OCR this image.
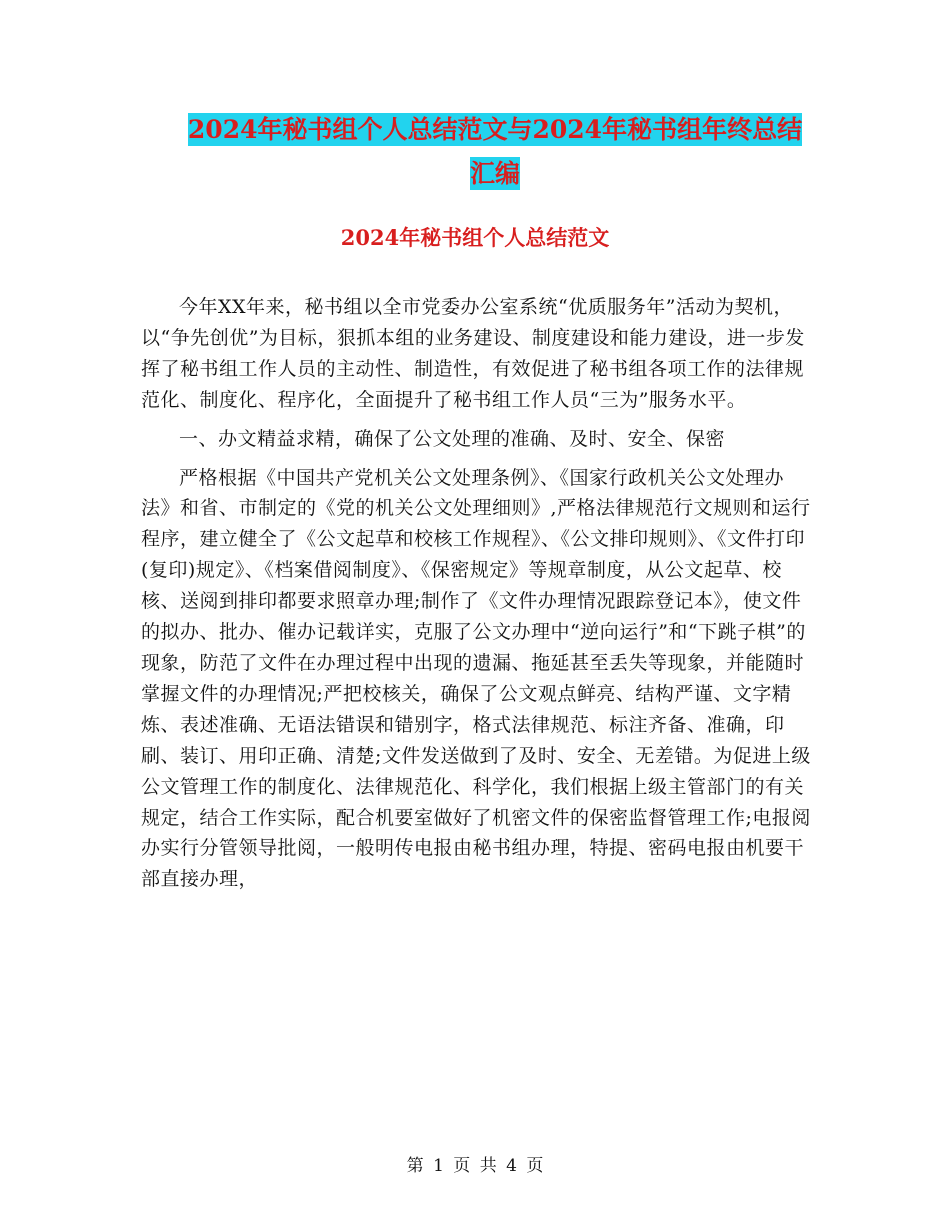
2024年秘书组个人总结范文与2024年秘书组年终总结
汇编
2024年秘书组个人总结范文

今年XX年来，秘书组以全市党委办公室系统“优质服务年”活动为契机，以“争先创优”为目标，狠抓本组的业务建设、制度建设和能力建设，进一步发挥了秘书组工作人员的主动性、制造性，有效促进了秘书组各项工作的法律规范化、制度化、程序化，全面提升了秘书组工作人员“三为”服务水平。

一、办文精益求精，确保了公文处理的准确、及时、安全、保密

严格根据《中国共产党机关公文处理条例》、《国家行政机关公文处理办法》和省、市制定的《党的机关公文处理细则》,严格法律规范行文规则和运行程序，建立健全了《公文起草和校核工作规程》、《公文排印规则》、《文件打印(复印)规定》、《档案借阅制度》、《保密规定》等规章制度，从公文起草、校核、送阅到排印都要求照章办理;制作了《文件办理情况跟踪登记本》，使文件的拟办、批办、催办记载详实，克服了公文办理中“逆向运行”和“下跳子棋”的现象，防范了文件在办理过程中出现的遗漏、拖延甚至丢失等现象，并能随时掌握文件的办理情况;严把校核关，确保了公文观点鲜亮、结构严谨、文字精炼、表述准确、无语法错误和错别字，格式法律规范、标注齐备、准确，印刷、装订、用印正确、清楚;文件发送做到了及时、安全、无差错。为促进上级公文管理工作的制度化、法律规范化、科学化，我们根据上级主管部门的有关规定，结合工作实际，配合机要室做好了机密文件的保密监督管理工作;电报阅办实行分管领导批阅，一般明传电报由秘书组办理，特提、密码电报由机要干部直接办理，

第 1 页 共 4 页
